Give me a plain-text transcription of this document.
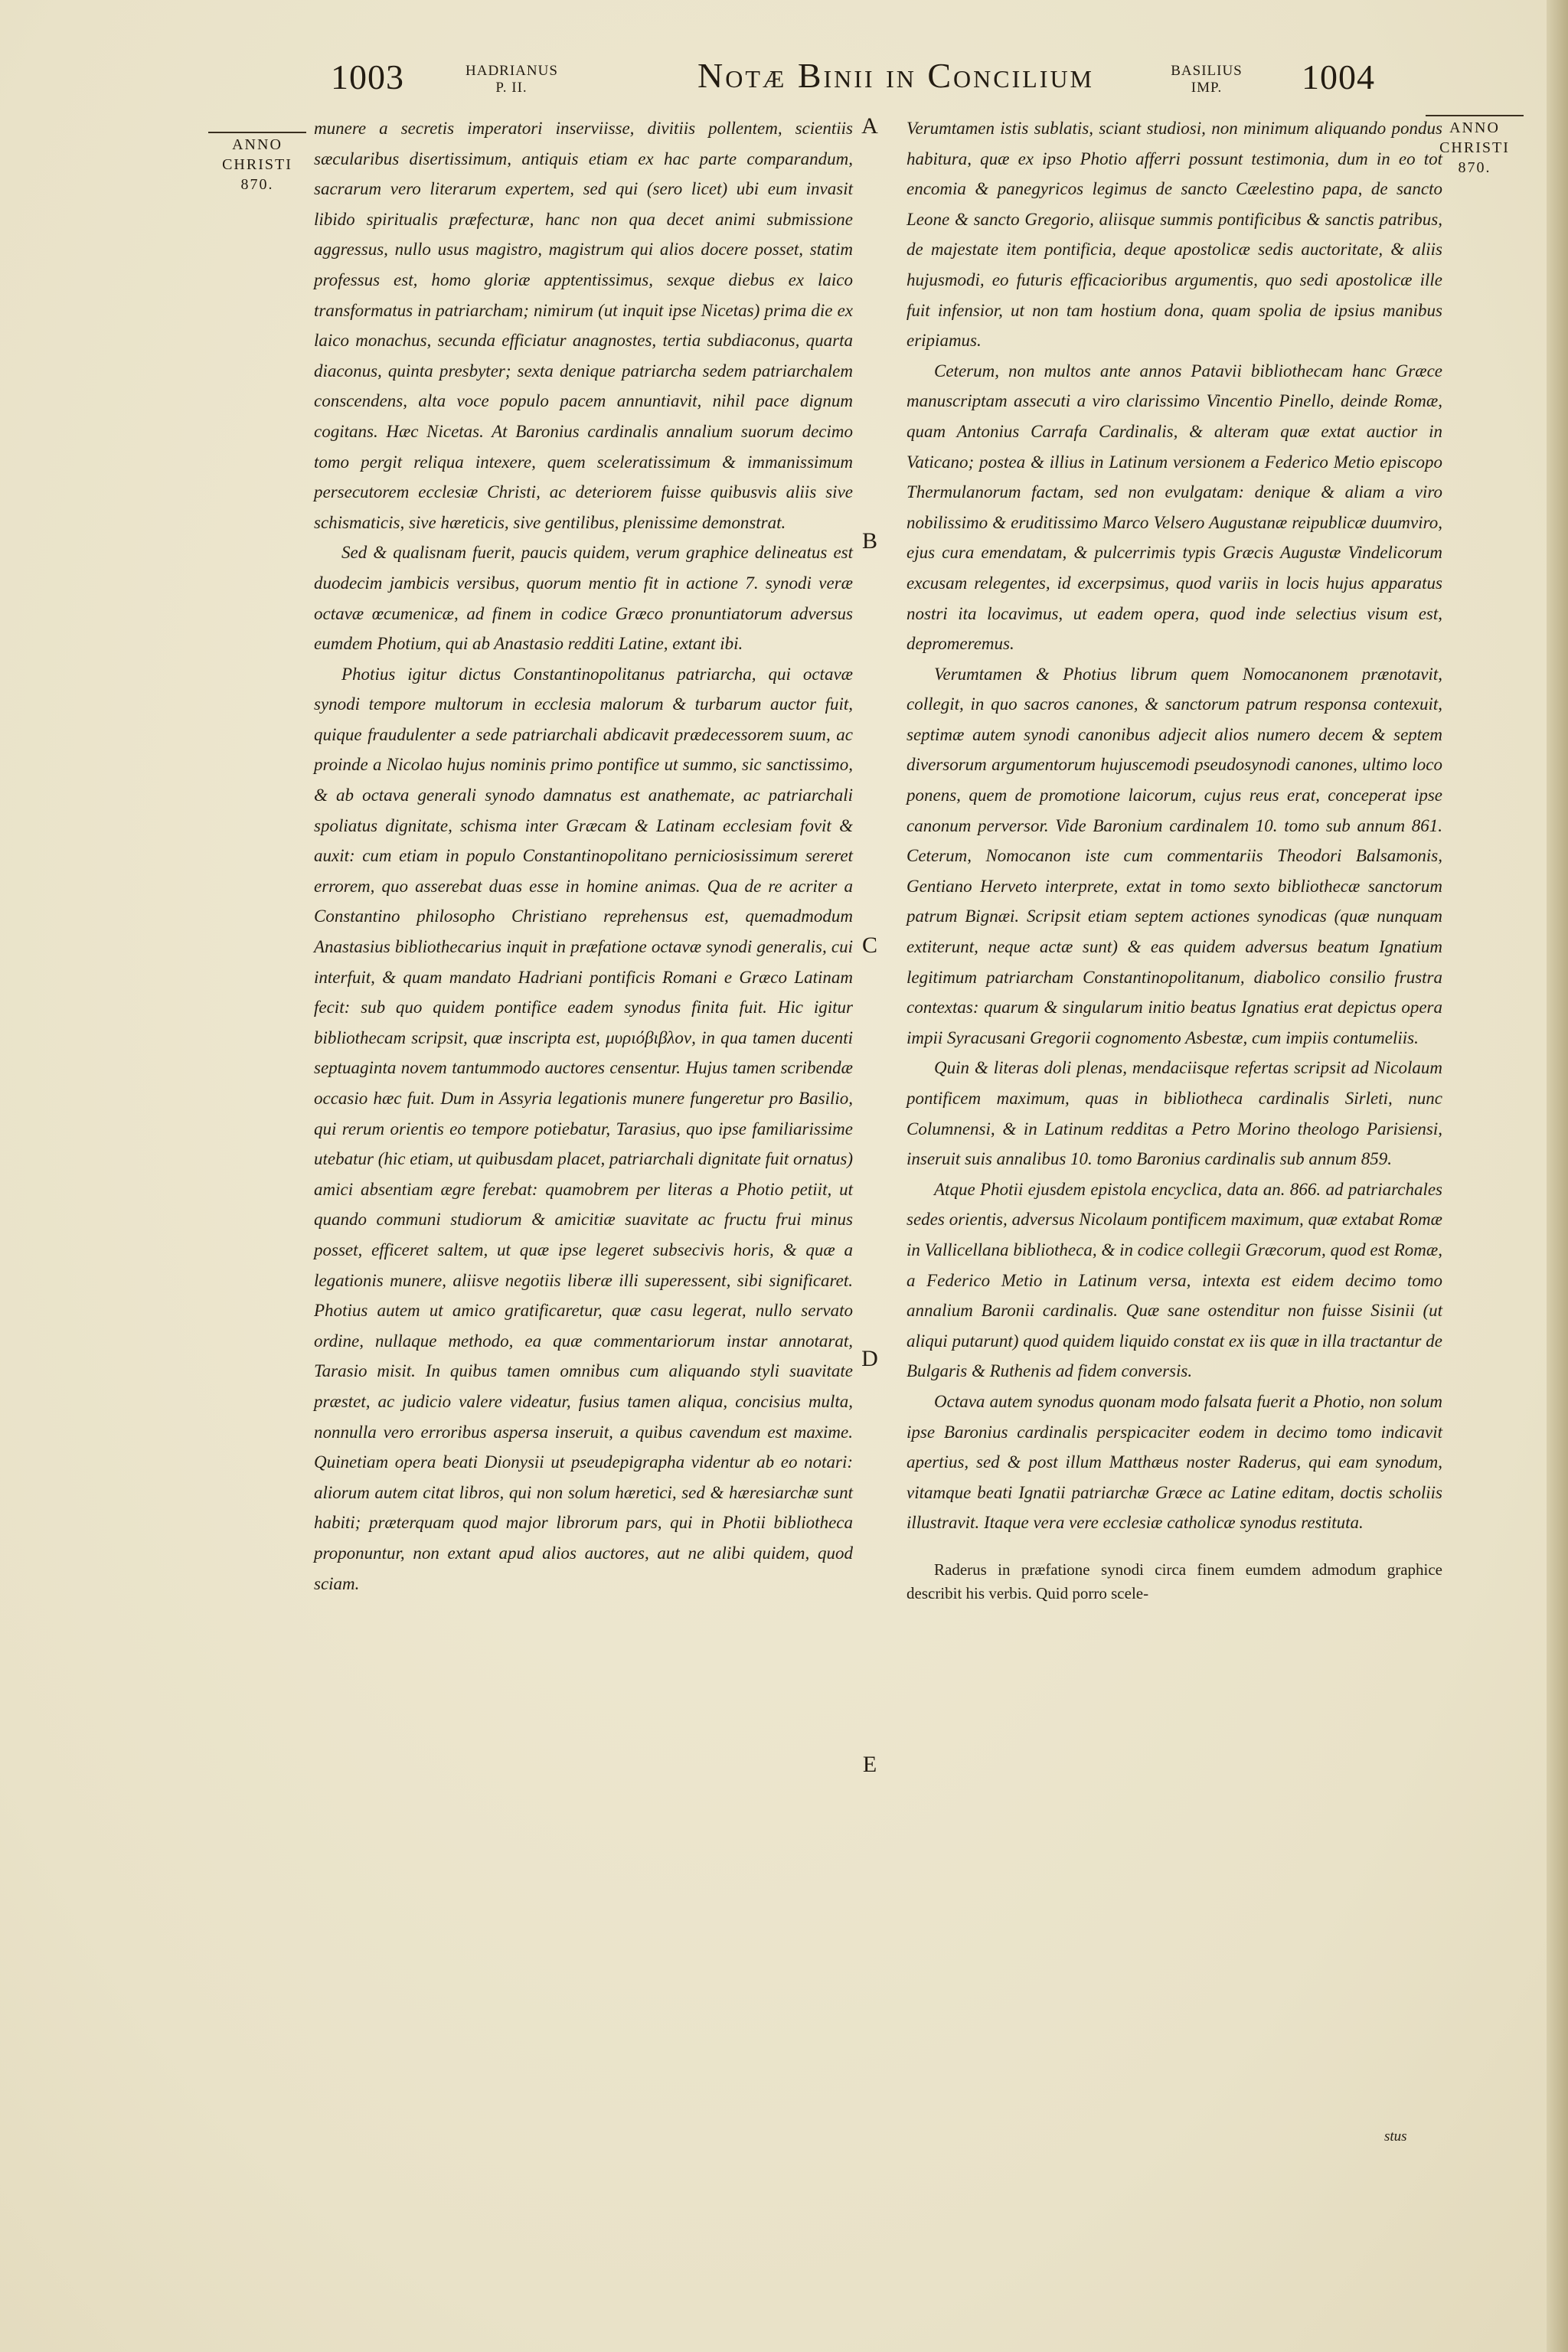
1003	HADRIANUS
P. II.	Notæ Binii in Concilium	BASILIUS
IMP.	1004
ANNO
CHRISTI
870.
ANNO
CHRISTI
870.

munere a secretis imperatori inserviisse, divitiis pollentem, scientiis sæcularibus disertissimum, antiquis etiam ex hac parte comparandum, sacrarum vero literarum expertem, sed qui (sero licet) ubi eum invasit libido spiritualis præfecturæ, hanc non qua decet animi submissione aggressus, nullo usus magistro, magistrum qui alios docere posset, statim professus est, homo gloriæ apptentissimus, sexque diebus ex laico transformatus in patriarcham; nimirum (ut inquit ipse Nicetas) prima die ex laico monachus, secunda efficiatur anagnostes, tertia subdiaconus, quarta diaconus, quinta presbyter; sexta denique patriarcha sedem patriarchalem conscendens, alta voce populo pacem annuntiavit, nihil pace dignum cogitans. Hæc Nicetas. At Baronius cardinalis annalium suorum decimo tomo pergit reliqua intexere, quem sceleratissimum & immanissimum persecutorem ecclesiæ Christi, ac deteriorem fuisse quibusvis aliis sive schismaticis, sive hæreticis, sive gentilibus, plenissime demonstrat.

Sed & qualisnam fuerit, paucis quidem, verum graphice delineatus est duodecim jambicis versibus, quorum mentio fit in actione 7. synodi veræ octavæ œcumenicæ, ad finem in codice Græco pronuntiatorum adversus eumdem Photium, qui ab Anastasio redditi Latine, extant ibi.

Photius igitur dictus Constantinopolitanus patriarcha, qui octavæ synodi tempore multorum in ecclesia malorum & turbarum auctor fuit, quique fraudulenter a sede patriarchali abdicavit prædecessorem suum, ac proinde a Nicolao hujus nominis primo pontifice ut summo, sic sanctissimo, & ab octava generali synodo damnatus est anathemate, ac patriarchali spoliatus dignitate, schisma inter Græcam & Latinam ecclesiam fovit & auxit: cum etiam in populo Constantinopolitano perniciosissimum sereret errorem, quo asserebat duas esse in homine animas. Qua de re acriter a Constantino philosopho Christiano reprehensus est, quemadmodum Anastasius bibliothecarius inquit in præfatione octavæ synodi generalis, cui interfuit, & quam mandato Hadriani pontificis Romani e Græco Latinam fecit: sub quo quidem pontifice eadem synodus finita fuit. Hic igitur bibliothecam scripsit, quæ inscripta est, μυριόβιβλον, in qua tamen ducenti septuaginta novem tantummodo auctores censentur. Hujus tamen scribendæ occasio hæc fuit. Dum in Assyria legationis munere fungeretur pro Basilio, qui rerum orientis eo tempore potiebatur, Tarasius, quo ipse familiarissime utebatur (hic etiam, ut quibusdam placet, patriarchali dignitate fuit ornatus) amici absentiam ægre ferebat: quamobrem per literas a Photio petiit, ut quando communi studiorum & amicitiæ suavitate ac fructu frui minus posset, efficeret saltem, ut quæ ipse legeret subsecivis horis, & quæ a legationis munere, aliisve negotiis liberæ illi superessent, sibi significaret. Photius autem ut amico gratificaretur, quæ casu legerat, nullo servato ordine, nullaque methodo, ea quæ commentariorum instar annotarat, Tarasio misit. In quibus tamen omnibus cum aliquando styli suavitate præstet, ac judicio valere videatur, fusius tamen aliqua, concisius multa, nonnulla vero erroribus aspersa inseruit, a quibus cavendum est maxime. Quinetiam opera beati Dionysii ut pseudepigrapha videntur ab eo notari: aliorum autem citat libros, qui non solum hæretici, sed & hæresiarchæ sunt habiti; præterquam quod major librorum pars, qui in Photii bibliotheca proponuntur, non extant apud alios auctores, aut ne alibi quidem, quod sciam.

A
B
C
D
E

Verumtamen istis sublatis, sciant studiosi, non minimum aliquando pondus habitura, quæ ex ipso Photio afferri possunt testimonia, dum in eo tot encomia & panegyricos legimus de sancto Cæelestino papa, de sancto Leone & sancto Gregorio, aliisque summis pontificibus & sanctis patribus, de majestate item pontificia, deque apostolicæ sedis auctoritate, & aliis hujusmodi, eo futuris efficacioribus argumentis, quo sedi apostolicæ ille fuit infensior, ut non tam hostium dona, quam spolia de ipsius manibus eripiamus.

Ceterum, non multos ante annos Patavii bibliothecam hanc Græce manuscriptam assecuti a viro clarissimo Vincentio Pinello, deinde Romæ, quam Antonius Carrafa Cardinalis, & alteram quæ extat auctior in Vaticano; postea & illius in Latinum versionem a Federico Metio episcopo Thermulanorum factam, sed non evulgatam: denique & aliam a viro nobilissimo & eruditissimo Marco Velsero Augustanæ reipublicæ duumviro, ejus cura emendatam, & pulcerrimis typis Græcis Augustæ Vindelicorum excusam relegentes, id excerpsimus, quod variis in locis hujus apparatus nostri ita locavimus, ut eadem opera, quod inde selectius visum est, depromeremus.

Verumtamen & Photius librum quem Nomocanonem prænotavit, collegit, in quo sacros canones, & sanctorum patrum responsa contexuit, septimæ autem synodi canonibus adjecit alios numero decem & septem diversorum argumentorum hujuscemodi pseudosynodi canones, ultimo loco ponens, quem de promotione laicorum, cujus reus erat, conceperat ipse canonum perversor. Vide Baronium cardinalem 10. tomo sub annum 861. Ceterum, Nomocanon iste cum commentariis Theodori Balsamonis, Gentiano Herveto interprete, extat in tomo sexto bibliothecæ sanctorum patrum Bignæi. Scripsit etiam septem actiones synodicas (quæ nunquam extiterunt, neque actæ sunt) & eas quidem adversus beatum Ignatium legitimum patriarcham Constantinopolitanum, diabolico consilio frustra contextas: quarum & singularum initio beatus Ignatius erat depictus opera impii Syracusani Gregorii cognomento Asbestæ, cum impiis contumeliis.

Quin & literas doli plenas, mendaciisque refertas scripsit ad Nicolaum pontificem maximum, quas in bibliotheca cardinalis Sirleti, nunc Columnensi, & in Latinum redditas a Petro Morino theologo Parisiensi, inseruit suis annalibus 10. tomo Baronius cardinalis sub annum 859.

Atque Photii ejusdem epistola encyclica, data an. 866. ad patriarchales sedes orientis, adversus Nicolaum pontificem maximum, quæ extabat Romæ in Vallicellana bibliotheca, & in codice collegii Græcorum, quod est Romæ, a Federico Metio in Latinum versa, intexta est eidem decimo tomo annalium Baronii cardinalis. Quæ sane ostenditur non fuisse Sisinii (ut aliqui putarunt) quod quidem liquido constat ex iis quæ in illa tractantur de Bulgaris & Ruthenis ad fidem conversis.

Octava autem synodus quonam modo falsata fuerit a Photio, non solum ipse Baronius cardinalis perspicaciter eodem in decimo tomo indicavit apertius, sed & post illum Matthæus noster Raderus, qui eam synodum, vitamque beati Ignatii patriarchæ Græce ac Latine editam, doctis scholiis illustravit. Itaque vera vere ecclesiæ catholicæ synodus restituta.

Raderus in præfatione synodi circa finem eumdem admodum graphice describit his verbis. Quid porro scele-

stus
